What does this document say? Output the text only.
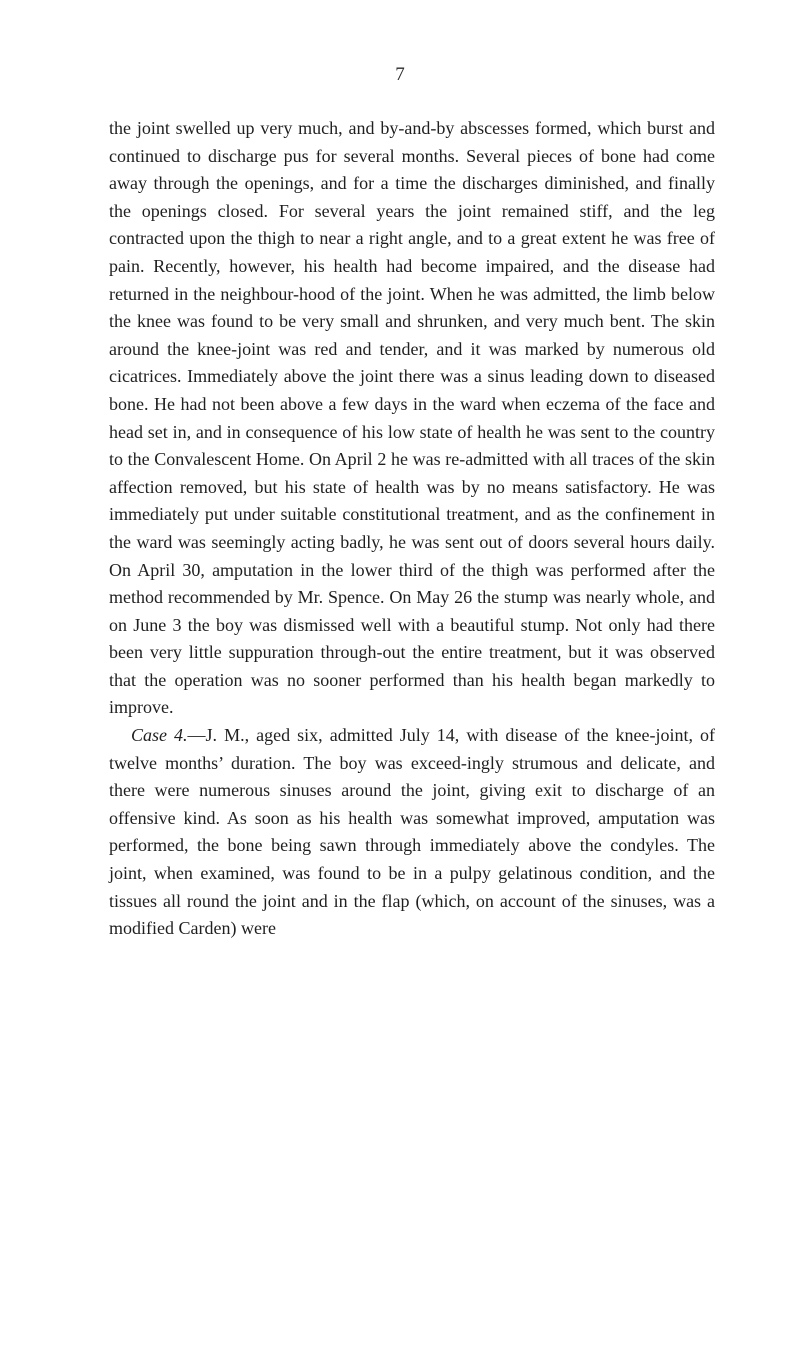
7

the joint swelled up very much, and by-and-by abscesses formed, which burst and continued to discharge pus for several months. Several pieces of bone had come away through the openings, and for a time the discharges diminished, and finally the openings closed. For several years the joint remained stiff, and the leg contracted upon the thigh to near a right angle, and to a great extent he was free of pain. Recently, however, his health had become impaired, and the disease had returned in the neighbour-hood of the joint. When he was admitted, the limb below the knee was found to be very small and shrunken, and very much bent. The skin around the knee-joint was red and tender, and it was marked by numerous old cicatrices. Immediately above the joint there was a sinus leading down to diseased bone. He had not been above a few days in the ward when eczema of the face and head set in, and in consequence of his low state of health he was sent to the country to the Convalescent Home. On April 2 he was re-admitted with all traces of the skin affection removed, but his state of health was by no means satisfactory. He was immediately put under suitable constitutional treatment, and as the confinement in the ward was seemingly acting badly, he was sent out of doors several hours daily. On April 30, amputation in the lower third of the thigh was performed after the method recommended by Mr. Spence. On May 26 the stump was nearly whole, and on June 3 the boy was dismissed well with a beautiful stump. Not only had there been very little suppuration through-out the entire treatment, but it was observed that the operation was no sooner performed than his health began markedly to improve.

Case 4.—J. M., aged six, admitted July 14, with disease of the knee-joint, of twelve months’ duration. The boy was exceed-ingly strumous and delicate, and there were numerous sinuses around the joint, giving exit to discharge of an offensive kind. As soon as his health was somewhat improved, amputation was performed, the bone being sawn through immediately above the condyles. The joint, when examined, was found to be in a pulpy gelatinous condition, and the tissues all round the joint and in the flap (which, on account of the sinuses, was a modified Carden) were
